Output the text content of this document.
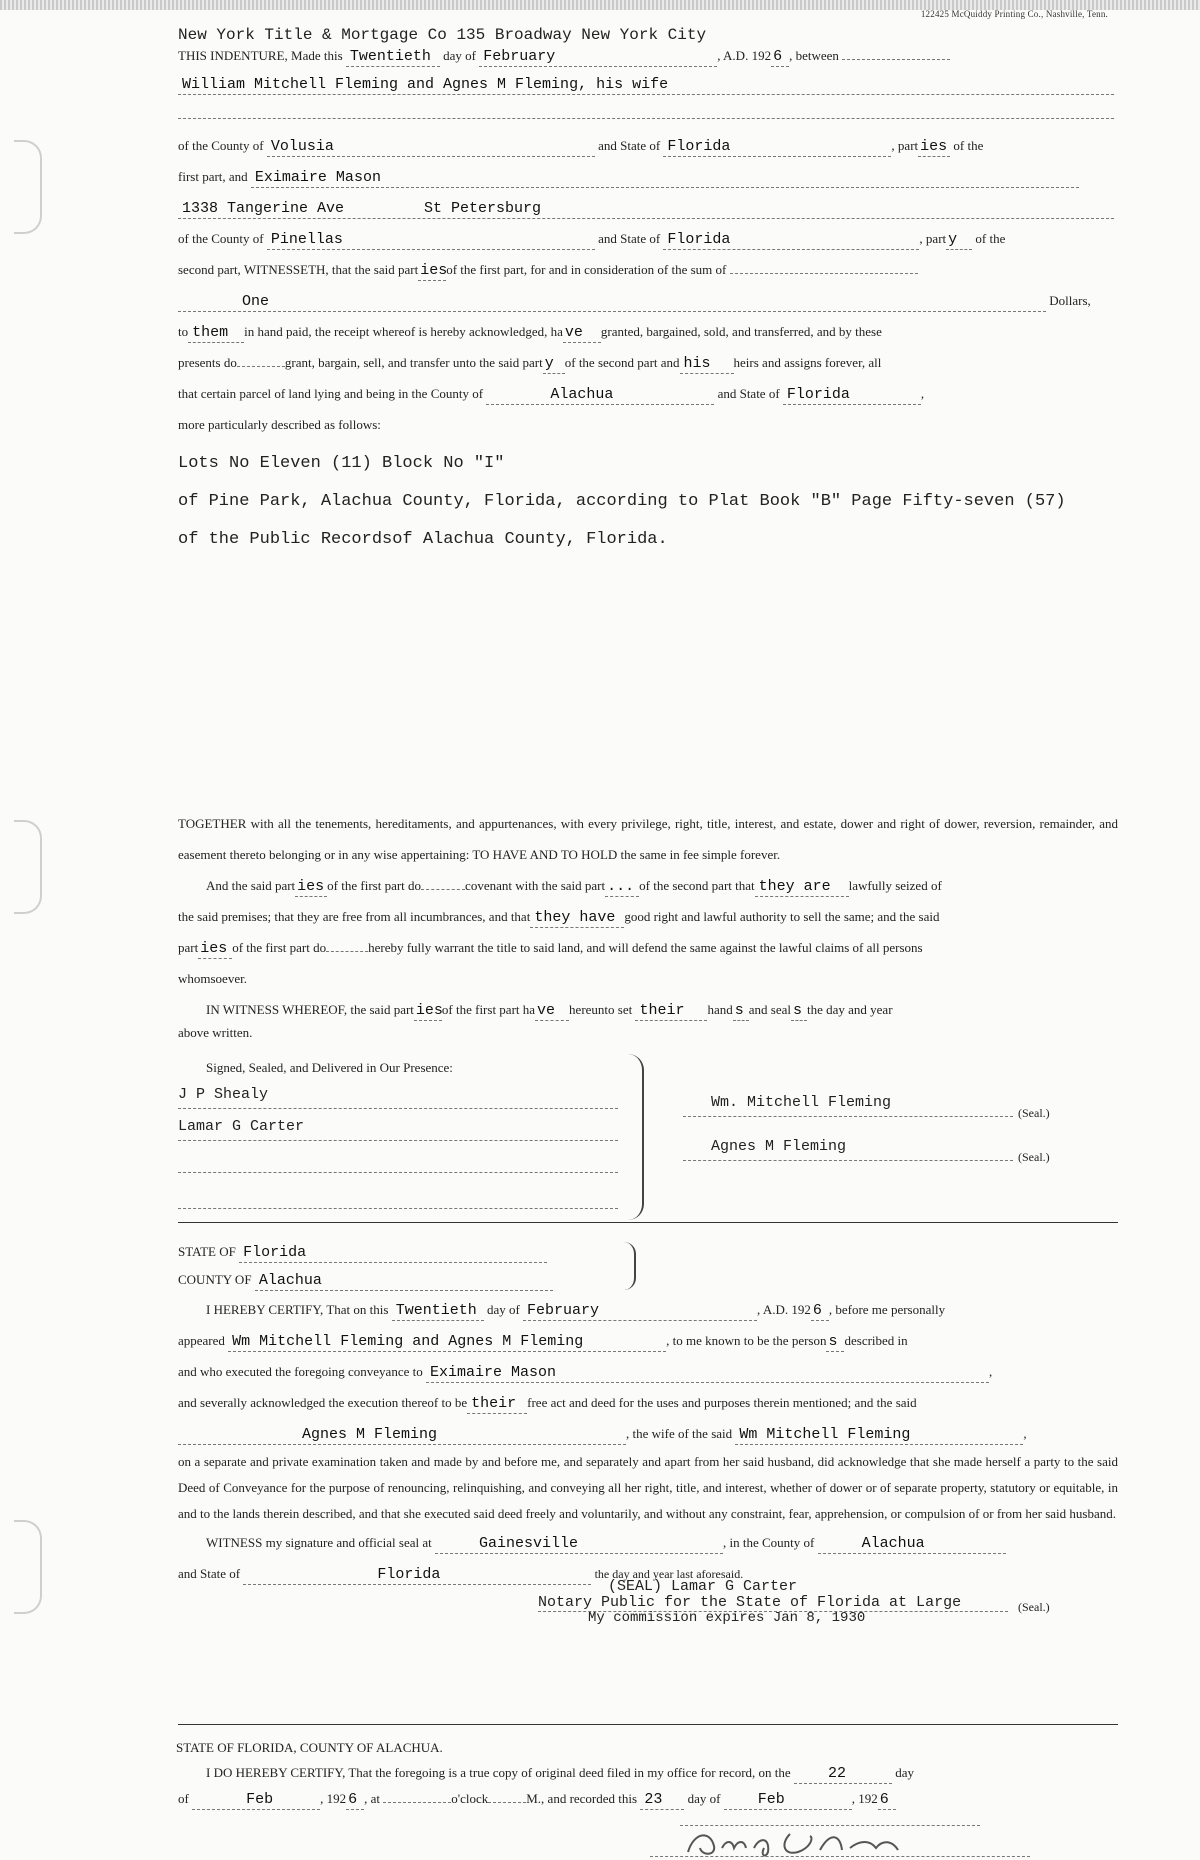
122425 McQuiddy Printing Co., Nashville, Tenn.
New York Title & Mortgage Co 135 Broadway New York City
THIS INDENTURE, Made this Twentieth day of February	, A.D. 192 6 , between
William Mitchell Fleming and Agnes M Fleming, his wife
of the County of Volusia	and State of Florida	, part ies of the
first part, and Eximaire Mason
1338 Tangerine Ave	St Petersburg
of the County of Pinellas	and State of Florida	, part y of the
second part, WITNESSETH, that the said part iesof the first part, for and in consideration of the sum of
One	Dollars,
to them in hand paid, the receipt whereof is hereby acknowledged, ha ve granted, bargained, sold, and transferred, and by these
presents do	grant, bargain, sell, and transfer unto the said part y of the second part and his heirs and assigns forever, all
that certain parcel of land lying and being in the County of	Alachua	and State of Florida	,
more particularly described as follows:
Lots No Eleven (11) Block No "I"
of Pine Park, Alachua County, Florida, according to Plat Book "B" Page Fifty-seven (57)
of the Public Recordsof Alachua County, Florida.
TOGETHER with all the tenements, hereditaments, and appurtenances, with every privilege, right, title, interest, and estate, dower and right of dower, reversion, remainder, and easement thereto belonging or in any wise appertaining: TO HAVE AND TO HOLD the same in fee simple forever.
And the said part ies of the first part do	covenant with the said part ... of the second part that they are lawfully seized of
the said premises; that they are free from all incumbrances, and that they have good right and lawful authority to sell the same; and the said
part ies of the first part do	hereby fully warrant the title to said land, and will defend the same against the lawful claims of all persons
whomsoever.
IN WITNESS WHEREOF, the said part iesof the first part ha ve hereunto set their hand s and seal s the day and year
above written.
Signed, Sealed, and Delivered in Our Presence:
J P Shealy
Lamar G Carter
Wm. Mitchell Fleming
(Seal.)
Agnes M Fleming
(Seal.)
STATE OF Florida
COUNTY OF Alachua
I HEREBY CERTIFY, That on this Twentieth day of February	, A.D. 192 6 , before me personally
appeared Wm Mitchell Fleming and Agnes M Fleming	, to me known to be the person s described in
and who executed the foregoing conveyance to Eximaire Mason	,
and severally acknowledged the execution thereof to be their free act and deed for the uses and purposes therein mentioned; and the said
Agnes M Fleming	, the wife of the said Wm Mitchell Fleming	,
on a separate and private examination taken and made by and before me, and separately and apart from her said husband, did acknowledge that she made herself a party to the said Deed of Conveyance for the purpose of renouncing, relinquishing, and conveying all her right, title, and interest, whether of dower or of separate property, statutory or equitable, in and to the lands therein described, and that she executed said deed freely and voluntarily, and without any constraint, fear, apprehension, or compulsion of or from her said husband.
WITNESS my signature and official seal at	Gainesville	, in the County of	Alachua
and State of	Florida	the day and year last aforesaid.
(SEAL) Lamar G Carter
Notary Public for the State of Florida at Large	(Seal.)
My commission expires Jan 8, 1930
STATE OF FLORIDA, COUNTY OF ALACHUA.
I DO HEREBY CERTIFY, That the foregoing is a true copy of original deed filed in my office for record, on the 22	day
of	Feb	, 192 6 , at	o'clock	M., and recorded this 23 day of Feb	, 192 6
